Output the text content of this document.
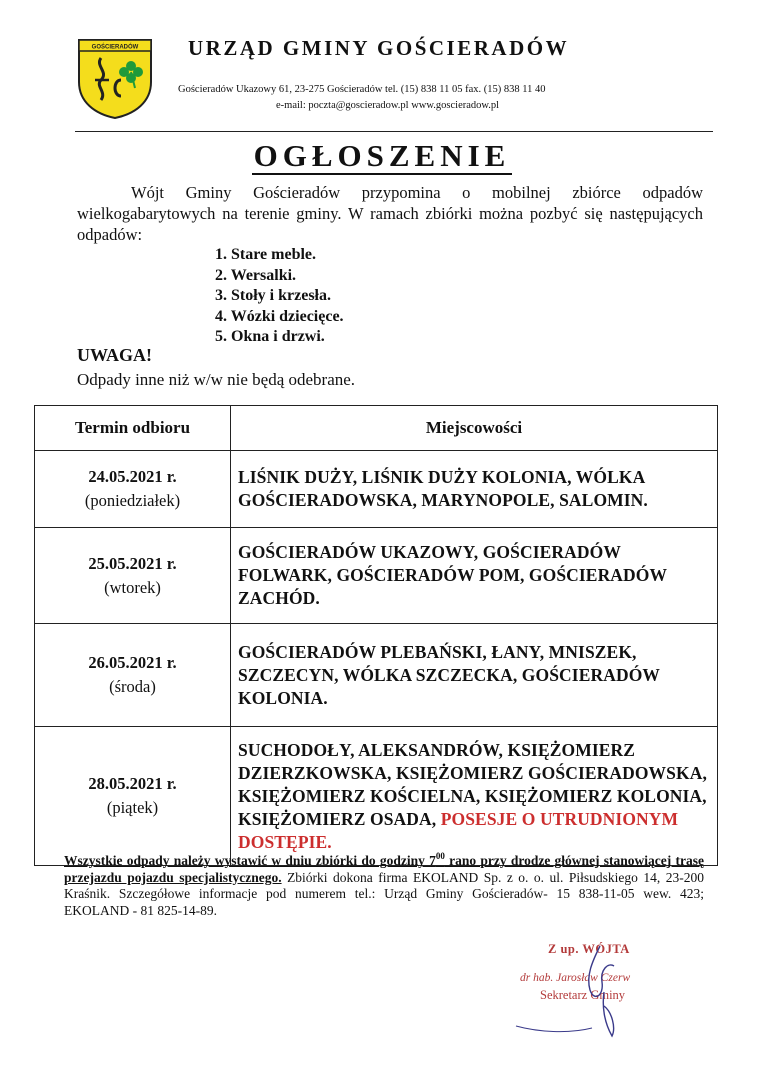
GOŚCIERADÓW URZĄD GMINY GOŚCIERADÓW
Gościeradów Ukazowy 61, 23-275 Gościeradów tel. (15) 838 11 05 fax. (15) 838 11 40
e-mail: poczta@goscieradow.pl www.goscieradow.pl
OGŁOSZENIE
Wójt Gminy Gościeradów przypomina o mobilnej zbiórce odpadów wielkogabarytowych na terenie gminy. W ramach zbiórki można pozbyć się następujących odpadów:
1. Stare meble.
2. Wersalki.
3. Stoły i krzesła.
4. Wózki dziecięce.
5. Okna i drzwi.
UWAGA!
Odpady inne niż w/w nie będą odebrane.
Termin odbioru	Miejscowości

24.05.2021 r.
(poniedziałek)	LIŚNIK DUŻY, LIŚNIK DUŻY KOLONIA, WÓLKA GOŚCIERADOWSKA, MARYNOPOLE, SALOMIN.

25.05.2021 r.
(wtorek)	GOŚCIERADÓW UKAZOWY, GOŚCIERADÓW FOLWARK, GOŚCIERADÓW POM, GOŚCIERADÓW ZACHÓD.

26.05.2021 r.
(środa)	GOŚCIERADÓW PLEBAŃSKI, ŁANY, MNISZEK, SZCZECYN, WÓLKA SZCZECKA, GOŚCIERADÓW KOLONIA.

28.05.2021 r.
(piątek)	SUCHODOŁY, ALEKSANDRÓW, KSIĘŻOMIERZ DZIERZKOWSKA, KSIĘŻOMIERZ GOŚCIERADOWSKA, KSIĘŻOMIERZ KOŚCIELNA, KSIĘŻOMIERZ KOLONIA, KSIĘŻOMIERZ OSADA, POSESJE O UTRUDNIONYM DOSTĘPIE.
Wszystkie odpady należy wystawić w dniu zbiórki do godziny $7^{00}$ rano przy drodze głównej stanowiącej trasę przejazdu pojazdu specjalistycznego. Zbiórki dokona firma EKOLAND Sp. z o. o. ul. Piłsudskiego 14, 23-200 Kraśnik. Szczegółowe informacje pod numerem tel.: Urząd Gminy Gościeradów- 15 838-11-05 wew. 423; EKOLAND - 81 825-14-89.
Z up. WÓJTA
dr hab. Jarosław Czerw
Sekretarz Gminy
